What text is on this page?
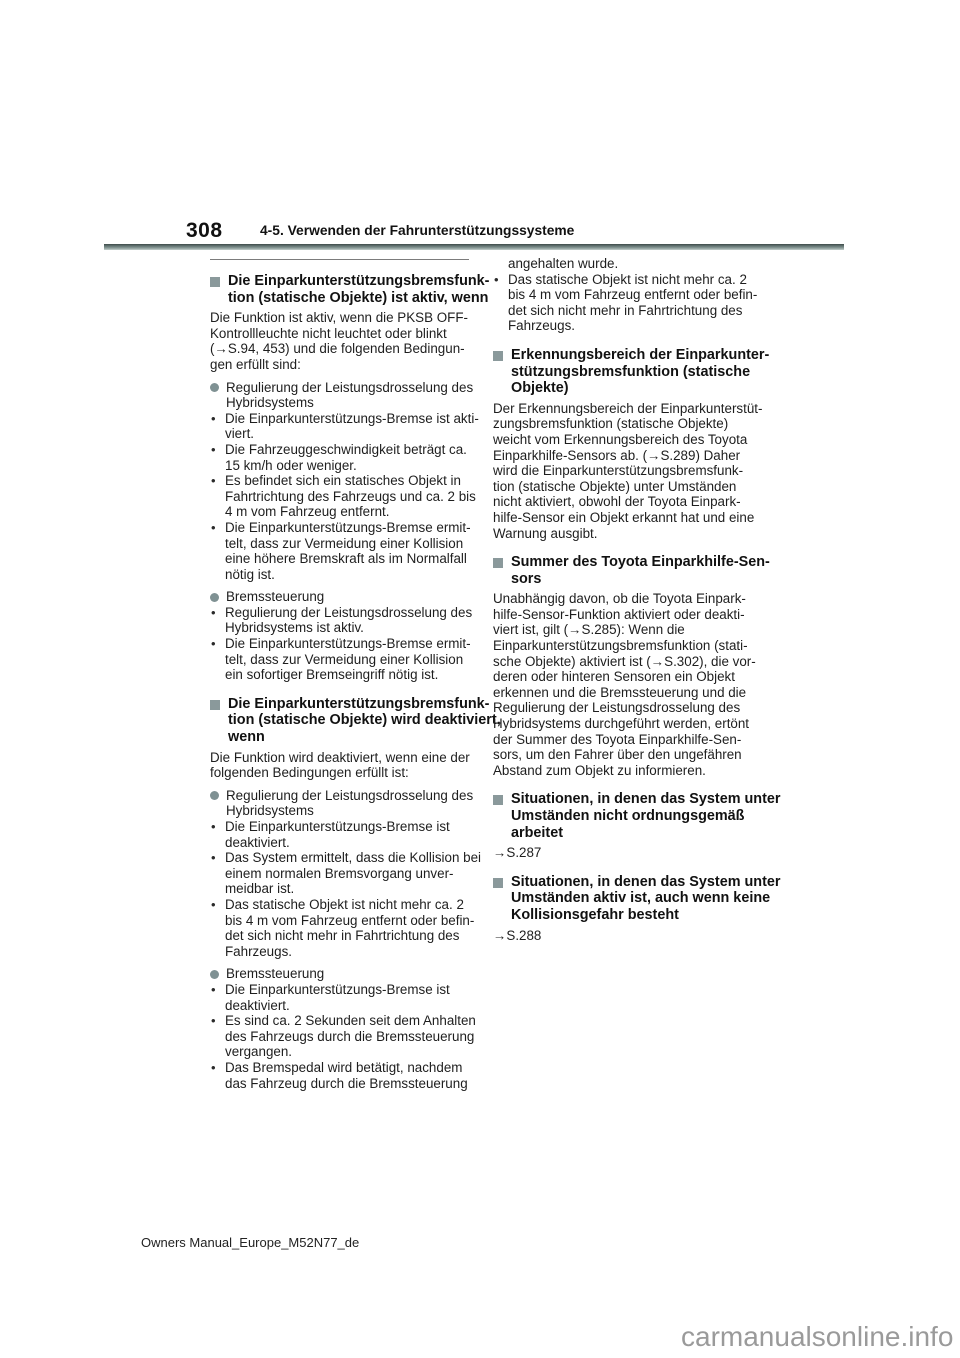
308	4-5. Verwenden der Fahrunterstützungssysteme
Die Einparkunterstützungsbremsfunk-
tion (statische Objekte) ist aktiv, wenn
Die Funktion ist aktiv, wenn die PKSB OFF-
Kontrollleuchte nicht leuchtet oder blinkt
(→S.94, 453) und die folgenden Bedingun-
gen erfüllt sind:
Regulierung der Leistungsdrosselung des
Hybridsystems
• Die Einparkunterstützungs-Bremse ist akti-
viert.
• Die Fahrzeuggeschwindigkeit beträgt ca.
15 km/h oder weniger.
• Es befindet sich ein statisches Objekt in
Fahrtrichtung des Fahrzeugs und ca. 2 bis
4 m vom Fahrzeug entfernt.
• Die Einparkunterstützungs-Bremse ermit-
telt, dass zur Vermeidung einer Kollision
eine höhere Bremskraft als im Normalfall
nötig ist.
Bremssteuerung
• Regulierung der Leistungsdrosselung des
Hybridsystems ist aktiv.
• Die Einparkunterstützungs-Bremse ermit-
telt, dass zur Vermeidung einer Kollision
ein sofortiger Bremseingriff nötig ist.
Die Einparkunterstützungsbremsfunk-
tion (statische Objekte) wird deaktiviert,
wenn
Die Funktion wird deaktiviert, wenn eine der
folgenden Bedingungen erfüllt ist:
Regulierung der Leistungsdrosselung des
Hybridsystems
• Die Einparkunterstützungs-Bremse ist
deaktiviert.
• Das System ermittelt, dass die Kollision bei
einem normalen Bremsvorgang unver-
meidbar ist.
• Das statische Objekt ist nicht mehr ca. 2
bis 4 m vom Fahrzeug entfernt oder befin-
det sich nicht mehr in Fahrtrichtung des
Fahrzeugs.
Bremssteuerung
• Die Einparkunterstützungs-Bremse ist
deaktiviert.
• Es sind ca. 2 Sekunden seit dem Anhalten
des Fahrzeugs durch die Bremssteuerung
vergangen.
• Das Bremspedal wird betätigt, nachdem
das Fahrzeug durch die Bremssteuerung
angehalten wurde.
• Das statische Objekt ist nicht mehr ca. 2
bis 4 m vom Fahrzeug entfernt oder befin-
det sich nicht mehr in Fahrtrichtung des
Fahrzeugs.
Erkennungsbereich der Einparkunter-
stützungsbremsfunktion (statische
Objekte)
Der Erkennungsbereich der Einparkunterstüt-
zungsbremsfunktion (statische Objekte)
weicht vom Erkennungsbereich des Toyota
Einparkhilfe-Sensors ab. (→S.289) Daher
wird die Einparkunterstützungsbremsfunk-
tion (statische Objekte) unter Umständen
nicht aktiviert, obwohl der Toyota Einpark-
hilfe-Sensor ein Objekt erkannt hat und eine
Warnung ausgibt.
Summer des Toyota Einparkhilfe-Sen-
sors
Unabhängig davon, ob die Toyota Einpark-
hilfe-Sensor-Funktion aktiviert oder deakti-
viert ist, gilt (→S.285): Wenn die
Einparkunterstützungsbremsfunktion (stati-
sche Objekte) aktiviert ist (→S.302), die vor-
deren oder hinteren Sensoren ein Objekt
erkennen und die Bremssteuerung und die
Regulierung der Leistungsdrosselung des
Hybridsystems durchgeführt werden, ertönt
der Summer des Toyota Einparkhilfe-Sen-
sors, um den Fahrer über den ungefähren
Abstand zum Objekt zu informieren.
Situationen, in denen das System unter
Umständen nicht ordnungsgemäß
arbeitet
→S.287
Situationen, in denen das System unter
Umständen aktiv ist, auch wenn keine
Kollisionsgefahr besteht
→S.288
Owners Manual_Europe_M52N77_de
carmanualsonline.info
